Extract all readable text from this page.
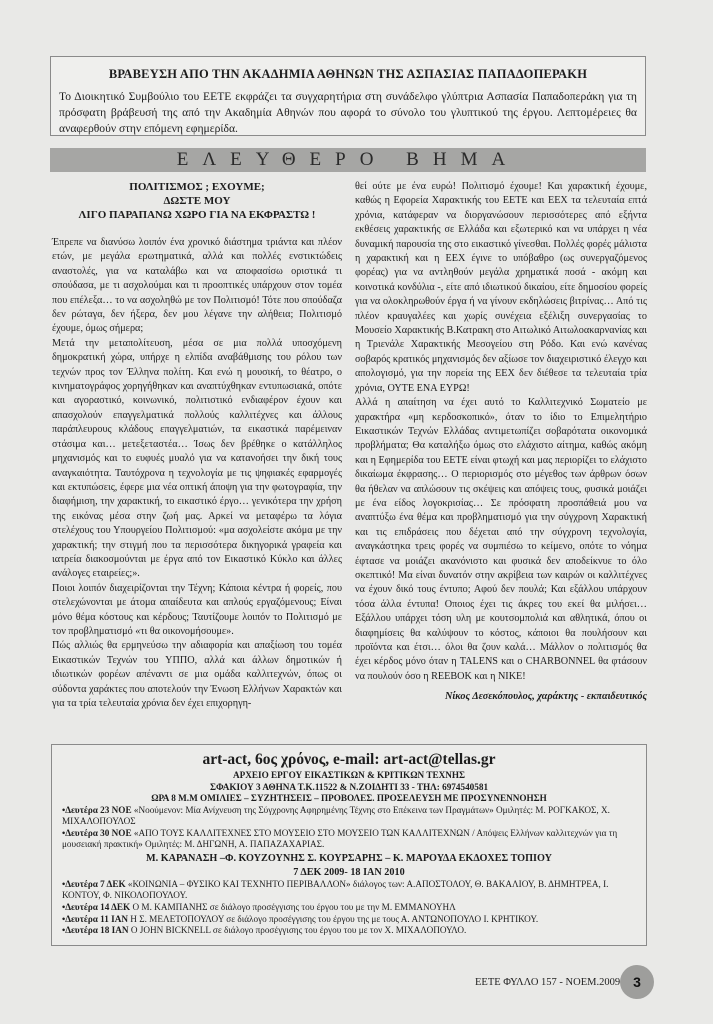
ΒΡΑΒΕΥΣΗ ΑΠΟ ΤΗΝ ΑΚΑΔΗΜΙΑ ΑΘΗΝΩΝ ΤΗΣ ΑΣΠΑΣΙΑΣ ΠΑΠΑΔΟΠΕΡΑΚΗ

Το Διοικητικό Συμβούλιο του ΕΕΤΕ εκφράζει τα συγχαρητήρια στη συνάδελφο γλύπτρια Ασπασία Παπαδοπεράκη για τη πρόσφατη βράβευσή της από την Ακαδημία Αθηνών που αφορά το σύνολο του γλυπτικού της έργου. Λεπτομέρειες θα αναφερθούν στην επόμενη εφημερίδα.

ΕΛΕΥΘΕΡΟ ΒΗΜΑ

ΠΟΛΙΤΙΣΜΟΣ ; ΕΧΟΥΜΕ;
ΔΩΣΤΕ ΜΟΥ
ΛΙΓΟ ΠΑΡΑΠΑΝΩ ΧΩΡΟ ΓΙΑ ΝΑ ΕΚΦΡΑΣΤΩ !

Έπρεπε να διανύσω λοιπόν ένα χρονικό διάστημα τριάντα και πλέον ετών, με μεγάλα ερωτηματικά, αλλά και πολλές ενστικτώδεις αναστολές, για να καταλάβω και να αποφασίσω οριστικά τι σπούδασα, με τι ασχολούμαι και τι προοπτικές υπάρχουν στον τομέα που επέλεξα… το να ασχοληθώ με τον Πολιτισμό! Τότε που σπούδαζα δεν ρώταγα, δεν ήξερα, δεν μου λέγανε την αλήθεια; Πολιτισμό έχουμε, όμως σήμερα;

Μετά την μεταπολίτευση, μέσα σε μια πολλά υποσχόμενη δημοκρατική χώρα, υπήρχε η ελπίδα αναβάθμισης του ρόλου των τεχνών προς τον Έλληνα πολίτη. Και ενώ η μουσική, το θέατρο, ο κινηματογράφος χορηγήθηκαν και αναπτύχθηκαν εντυπωσιακά, οπότε και αγοραστικό, κοινωνικό, πολιτιστικό ενδιαφέρον έχουν και απασχολούν επαγγελματικά πολλούς καλλιτέχνες και άλλους παράπλευρους κλάδους επαγγελματιών, τα εικαστικά παρέμειναν στάσιμα και… μετεξεταστέα… Ίσως δεν βρέθηκε ο κατάλληλος μηχανισμός και το ευφυές μυαλό για να κατανοήσει την δική τους αναγκαιότητα. Ταυτόχρονα η τεχνολογία με τις ψηφιακές εφαρμογές και εκτυπώσεις, έφερε μια νέα οπτική άποψη για την φωτογραφία, την διαφήμιση, την χαρακτική, το εικαστικό έργο… γενικότερα την χρήση της εικόνας μέσα στην ζωή μας. Αρκεί να μεταφέρω τα λόγια στελέχους του Υπουργείου Πολιτισμού: «μα ασχολείστε ακόμα με την χαρακτική; την στιγμή που τα περισσότερα δικηγορικά γραφεία και ιατρεία διακοσμούνται με έργα από τον Εικαστικό Κύκλο και άλλες ανάλογες εταιρείες;».

Ποιοι λοιπόν διαχειρίζονται την Τέχνη; Κάποια κέντρα ή φορείς, που στελεχώνονται με άτομα απαίδευτα και απλούς εργαζόμενους; Είναι μόνο θέμα κόστους και κέρδους; Ταυτίζουμε λοιπόν το Πολιτισμό με τον προβληματισμό «τι θα οικονομήσουμε».

Πώς αλλιώς θα ερμηνεύσω την αδιαφορία και απαξίωση του τομέα Εικαστικών Τεχνών του ΥΠΠΟ, αλλά και άλλων δημοτικών ή ιδιωτικών φορέων απέναντι σε μια ομάδα καλλιτεχνών, όπως οι σύδοντα χαράκτες που αποτελούν την Ένωση Ελλήνων Χαρακτών και για τα τρία τελευταία χρόνια δεν έχει επιχορηγη-

θεί ούτε με ένα ευρώ! Πολιτισμό έχουμε! Και χαρακτική έχουμε, καθώς η Εφορεία Χαρακτικής του ΕΕΤΕ και ΕΕΧ τα τελευταία επτά χρόνια, κατάφεραν να διοργανώσουν περισσότερες από εξήντα εκθέσεις χαρακτικής σε Ελλάδα και εξωτερικό και να υπάρχει η νέα δυναμική παρουσία της στο εικαστικό γίνεσθαι. Πολλές φορές μάλιστα η χαρακτική και η ΕΕΧ έγινε το υπόβαθρο (ως συνεργαζόμενος φορέας) για να αντληθούν μεγάλα χρηματικά ποσά - ακόμη και κοινοτικά κονδύλια -, είτε από ιδιωτικού δικαίου, είτε δημοσίου φορείς για να ολοκληρωθούν έργα ή να γίνουν εκδηλώσεις βιτρίνας… Από τις πλέον κραυγαλέες και χωρίς συνέχεια εξέλιξη συνεργασίας το Μουσείο Χαρακτικής Β.Κατρακη στο Αιτωλικό Αιτωλοακαρνανίας και η Τριενάλε Χαρακτικής Μεσογείου στη Ρόδο. Και ενώ κανένας σοβαρός κρατικός μηχανισμός δεν αξίωσε τον διαχειριστικό έλεγχο και απολογισμό, για την πορεία της ΕΕΧ δεν διέθεσε τα τελευταία τρία χρόνια, ΟΥΤΕ ΕΝΑ ΕΥΡΩ!

Αλλά η απαίτηση να έχει αυτό το Καλλιτεχνικό Σωματείο με χαρακτήρα «μη κερδοσκοπικό», όταν το ίδιο το Επιμελητήριο Εικαστικών Τεχνών Ελλάδας αντιμετωπίζει σοβαρότατα οικονομικά προβλήματα; Θα καταλήξω όμως στο ελάχιστο αίτημα, καθώς ακόμη και η Εφημερίδα του ΕΕΤΕ είναι φτωχή και μας περιορίζει το ελάχιστο δικαίωμα έκφρασης… Ο περιορισμός στο μέγεθος των άρθρων όσων θα ήθελαν να απλώσουν τις σκέψεις και απόψεις τους, φυσικά μοιάζει με ένα είδος λογοκρισίας… Σε πρόσφατη προσπάθειά μου να αναπτύξω ένα θέμα και προβληματισμό για την σύγχρονη Χαρακτική και τις επιδράσεις που δέχεται από την σύγχρονη τεχνολογία, αναγκάστηκα τρεις φορές να συμπιέσω το κείμενο, οπότε το νόημα έφτασε να μοιάζει ακανόνιστο και φυσικά δεν αποδείκνυε το όλο σκεπτικό! Μα είναι δυνατόν στην ακρίβεια των καιρών οι καλλιτέχνες να έχουν δικό τους έντυπο; Αφού δεν πουλά; Και εξάλλου υπάρχουν τόσα άλλα έντυπα! Οποιος έχει τις άκρες του εκεί θα μιλήσει… Εξάλλου υπάρχει τόση υλη με κουτσομπολιά και αθλητικά, όπου οι διαφημίσεις θα καλύψουν το κόστος, κάποιοι θα πουλήσουν και προϊόντα και έτσι… όλοι θα ζουν καλά… Μάλλον ο πολιτισμός θα έχει κέρδος μόνο όταν η TALENS και ο CHARBONNEL θα φτάσουν να πουλούν όσο η REEBOK και η NIKE!

Νίκος Δεσεκόπουλος, χαράκτης - εκπαιδευτικός

art-act, 6ος χρόνος, e-mail: art-act@tellas.gr

ΑΡΧΕΙΟ ΕΡΓΟΥ ΕΙΚΑΣΤΙΚΩΝ & ΚΡΙΤΙΚΩΝ ΤΕΧΝΗΣ

ΣΦΑΚΙΟΥ 3 ΑΘΗΝΑ Τ.Κ.11522 & Ν.ΖΟΙΔΗΤΙ 33 - ΤΗΛ: 6974540581

ΩΡΑ 8 Μ.Μ ΟΜΙΛΙΕΣ – ΣΥΖΗΤΗΣΕΙΣ – ΠΡΟΒΟΛΕΣ. ΠΡΟΣΕΛΕΥΣΗ ΜΕ ΠΡΟΣΥΝΕΝΝΟΗΣΗ

•Δευτέρα 23 ΝΟΕ «Νοούμενον: Μία Ανίχνευση της Σύγχρονης Αφηρημένης Τέχνης στο Επέκεινα των Πραγμάτων» Ομιλητές: Μ. ΡΟΓΚΑΚΟΣ, Χ. ΜΙΧΑΛΟΠΟΥΛΟΣ

•Δευτέρα 30 ΝΟΕ «ΑΠΟ ΤΟΥΣ ΚΑΛΛΙΤΕΧΝΕΣ ΣΤΟ ΜΟΥΣΕΙΟ ΣΤΟ ΜΟΥΣΕΙΟ ΤΩΝ ΚΑΛΛΙΤΕΧΝΩΝ / Απόψεις Ελλήνων καλλιτεχνών για τη μουσειακή πρακτική» Ομιλητές: Μ. ΔΗΓΩΝΗ, Α. ΠΑΠΑΖΑΧΑΡΙΑΣ.

Μ. ΚΑΡΑΝΑΣΗ –Φ. ΚΟΥΖΟΥΝΗΣ Σ. ΚΟΥΡΣΑΡΗΣ – Κ. ΜΑΡΟΥΔΑ ΕΚΔΟΧΕΣ ΤΟΠΙΟΥ

7 ΔΕΚ 2009- 18 ΙΑΝ 2010

•Δευτέρα 7 ΔΕΚ «ΚΟΙΝΩΝΙΑ – ΦΥΣΙΚΟ ΚΑΙ ΤΕΧΝΗΤΟ ΠΕΡΙΒΑΛΛΟΝ» διάλογος των: Α.ΑΠΟΣΤΟΛΟΥ, Θ. ΒΑΚΑΛΙΟΥ, Β. ΔΗΜΗΤΡΕΑ, Ι. ΚΟΝΤΟΥ, Φ. ΝΙΚΟΛΟΠΟΥΛΟΥ.

•Δευτέρα 14 ΔΕΚ Ο Μ. ΚΑΜΠΑΝΗΣ σε διάλογο προσέγγισης του έργου του με την Μ. ΕΜΜΑΝΟΥΗΛ

•Δευτέρα 11 ΙΑΝ Η Σ. ΜΕΛΕΤΟΠΟΥΛΟΥ σε διάλογο προσέγγισης του έργου της με τους Α. ΑΝΤΩΝΟΠΟΥΛΟ Ι. ΚΡΗΤΙΚΟΥ.

•Δευτέρα 18 ΙΑΝ Ο JOHN BICKNELL σε διάλογο προσέγγισης του έργου του με τον Χ. ΜΙΧΑΛΟΠΟΥΛΟ.

ΕΕΤΕ ΦΥΛΛΟ 157 - ΝΟΕΜ.2009 3
